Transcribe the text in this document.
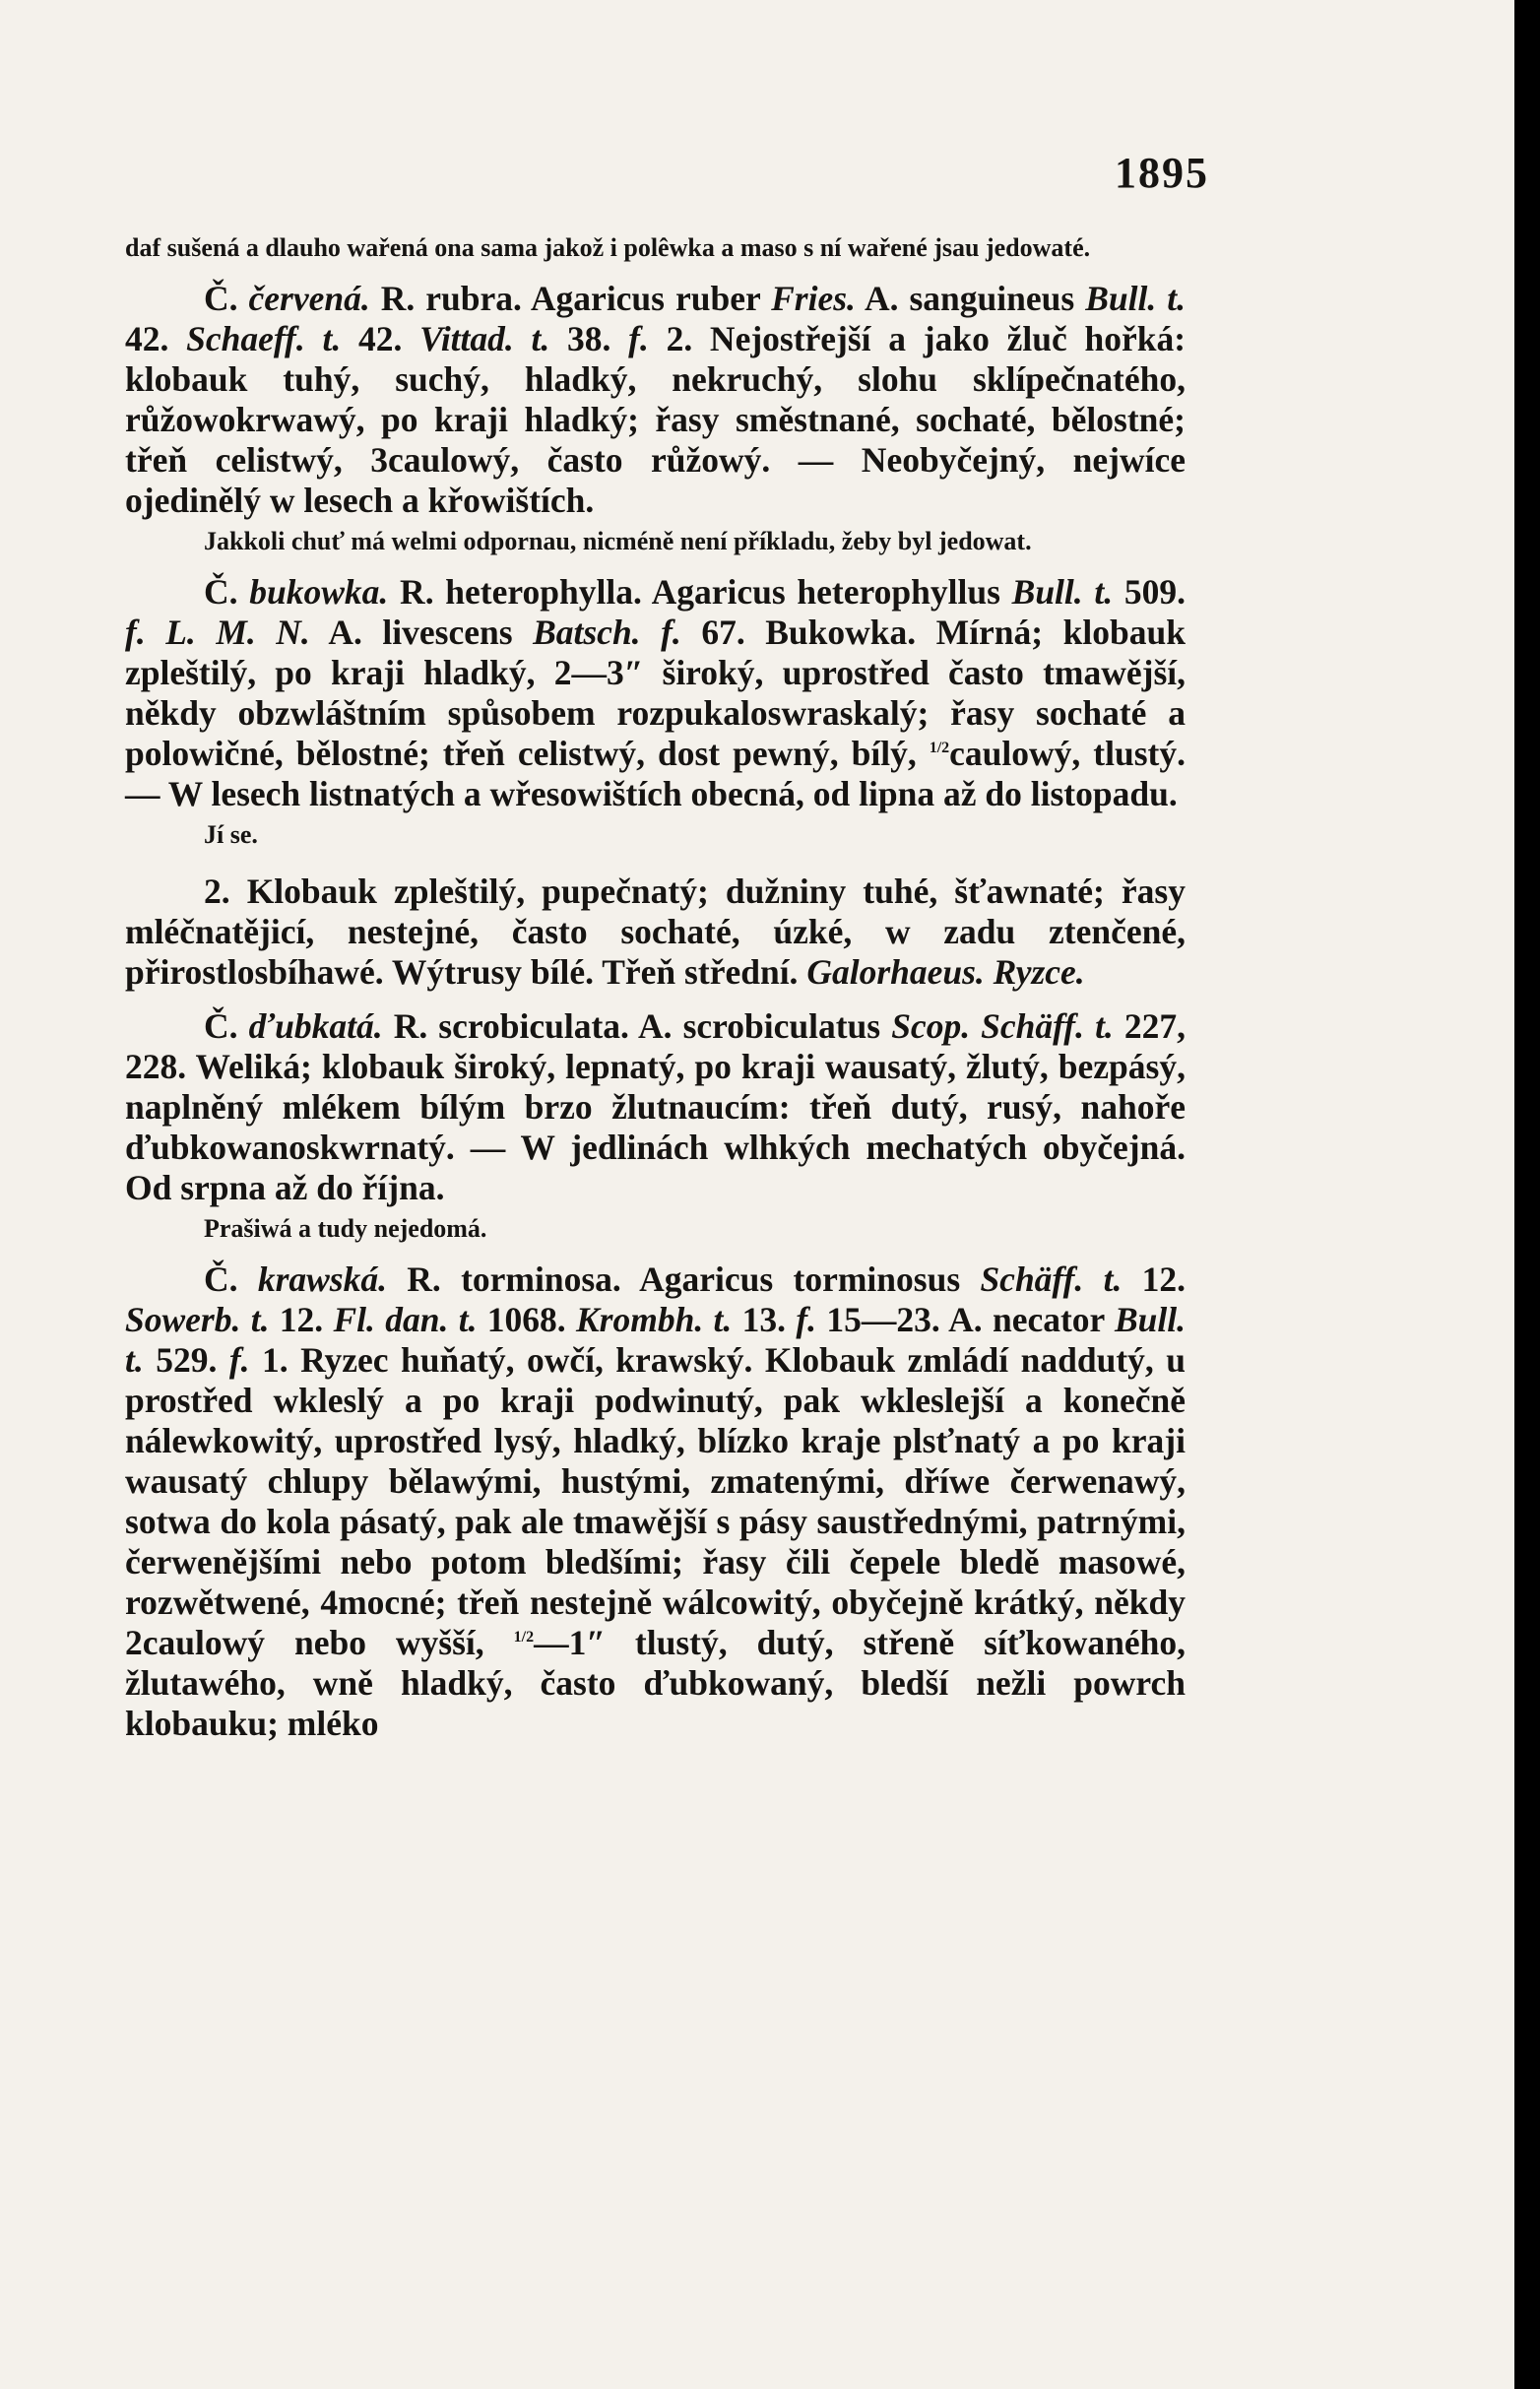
1895

daf sušená a dlauho wařená ona sama jakož i polêwka a maso s ní wařené jsau jedowaté.

Č. červená. R. rubra. Agaricus ruber Fries. A. sanguineus Bull. t. 42. Schaeff. t. 42. Vittad. t. 38. f. 2. Nejostřejší a jako žluč hořká: klobauk tuhý, suchý, hladký, nekruchý, slohu sklípečnatého, růžowokrwawý, po kraji hladký; řasy směstnané, sochaté, bělostné; třeň celistwý, 3caulowý, často růžowý. — Neobyčejný, nejwíce ojedinělý w lesech a křowištích.

Jakkoli chuť má welmi odpornau, nicméně není příkladu, žeby byl jedowat.

Č. bukowka. R. heterophylla. Agaricus heterophyllus Bull. t. 509. f. L. M. N. A. livescens Batsch. f. 67. Bukowka. Mírná; klobauk zpleštilý, po kraji hladký, 2—3″ široký, uprostřed často tmawější, někdy obzwláštním spůsobem rozpukaloswraskalý; řasy sochaté a polowičné, bělostné; třeň celistwý, dost pewný, bílý, $^{1/2}$caulowý, tlustý. — W lesech listnatých a wřesowištích obecná, od lipna až do listopadu.

Jí se.

2. Klobauk zpleštilý, pupečnatý; dužniny tuhé, šťawnaté; řasy mléčnatějicí, nestejné, často sochaté, úzké, w zadu ztenčené, přirostlosbíhawé. Wýtrusy bílé. Třeň střední. Galorhaeus. Ryzce.

Č. ďubkatá. R. scrobiculata. A. scrobiculatus Scop. Schäff. t. 227, 228. Weliká; klobauk široký, lepnatý, po kraji wausatý, žlutý, bezpásý, naplněný mlékem bílým brzo žlutnaucím: třeň dutý, rusý, nahoře ďubkowanoskwrnatý. — W jedlinách wlhkých mechatých obyčejná. Od srpna až do října.

Prašiwá a tudy nejedomá.

Č. krawská. R. torminosa. Agaricus torminosus Schäff. t. 12. Sowerb. t. 12. Fl. dan. t. 1068. Krombh. t. 13. f. 15—23. A. necator Bull. t. 529. f. 1. Ryzec huňatý, owčí, krawský. Klobauk zmládí naddutý, u prostřed wkleslý a po kraji podwinutý, pak wkleslejší a konečně nálewkowitý, uprostřed lysý, hladký, blízko kraje plsťnatý a po kraji wausatý chlupy bělawými, hustými, zmatenými, dříwe čerwenawý, sotwa do kola pásatý, pak ale tmawější s pásy saustřednými, patrnými, čerwenějšími nebo potom bledšími; řasy čili čepele bledě masowé, rozwětwené, 4mocné; třeň nestejně wálcowitý, obyčejně krátký, někdy 2caulowý nebo wyšší, $^{1/2}$—1″ tlustý, dutý, střeně síťkowaného, žlutawého, wně hladký, často ďubkowaný, bledší nežli powrch klobauku; mléko
